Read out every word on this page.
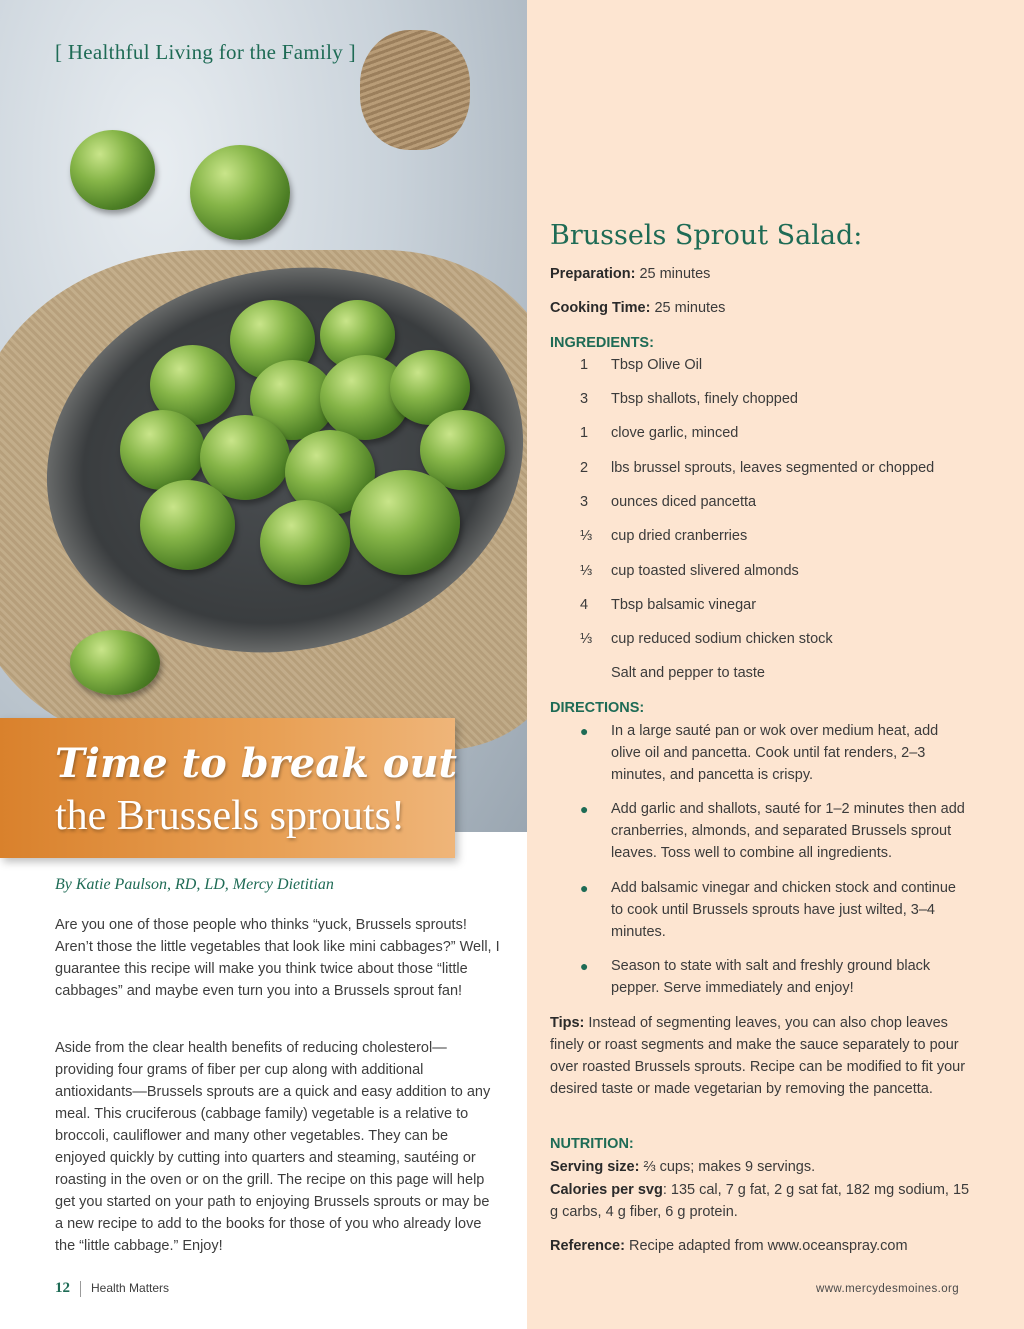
[ Healthful Living for the Family ]
Time to break out
the Brussels sprouts!
By Katie Paulson, RD, LD, Mercy Dietitian
Are you one of those people who thinks “yuck, Brussels sprouts! Aren’t those the little vegetables that look like mini cabbages?” Well, I guarantee this recipe will make you think twice about those “little cabbages” and maybe even turn you into a Brussels sprout fan!
Aside from the clear health benefits of reducing cholesterol—providing four grams of fiber per cup along with additional antioxidants—Brussels sprouts are a quick and easy addition to any meal. This cruciferous (cabbage family) vegetable is a relative to broccoli, cauliflower and many other vegetables. They can be enjoyed quickly by cutting into quarters and steaming, sautéing or roasting in the oven or on the grill. The recipe on this page will help get you started on your path to enjoying Brussels sprouts or may be a new recipe to add to the books for those of you who already love the “little cabbage.” Enjoy!
12 Health Matters
Brussels Sprout Salad:
Preparation: 25 minutes
Cooking Time: 25 minutes
INGREDIENTS:
1	Tbsp Olive Oil
3	Tbsp shallots, finely chopped
1	clove garlic, minced
2	lbs brussel sprouts, leaves segmented or chopped
3	ounces diced pancetta
⅓	cup dried cranberries
⅓	cup toasted slivered almonds
4	Tbsp balsamic vinegar
⅓	cup reduced sodium chicken stock
Salt and pepper to taste
DIRECTIONS:
● In a large sauté pan or wok over medium heat, add olive oil and pancetta. Cook until fat renders, 2–3 minutes, and pancetta is crispy.
● Add garlic and shallots, sauté for 1–2 minutes then add cranberries, almonds, and separated Brussels sprout leaves. Toss well to combine all ingredients.
● Add balsamic vinegar and chicken stock and continue to cook until Brussels sprouts have just wilted, 3–4 minutes.
● Season to state with salt and freshly ground black pepper. Serve immediately and enjoy!
Tips: Instead of segmenting leaves, you can also chop leaves finely or roast segments and make the sauce separately to pour over roasted Brussels sprouts. Recipe can be modified to fit your desired taste or made vegetarian by removing the pancetta.
NUTRITION:
Serving size: ⅔ cups; makes 9 servings.
Calories per svg: 135 cal, 7 g fat, 2 g sat fat, 182 mg sodium, 15 g carbs, 4 g fiber, 6 g protein.
Reference: Recipe adapted from www.oceanspray.com
www.mercydesmoines.org
